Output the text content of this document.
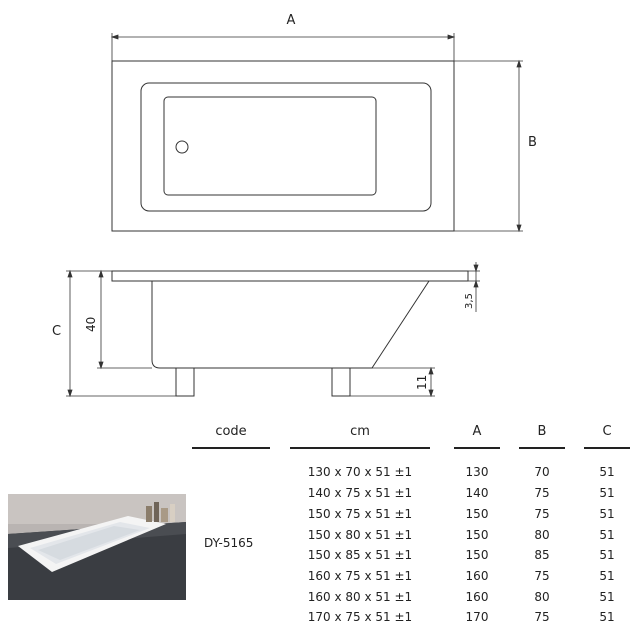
A
B
C 40
3,5
11
code	cm	A	B	C
DY-5165
130 x 70 x 51 ±1	130	70	51
140 x 75 x 51 ±1	140	75	51
150 x 75 x 51 ±1	150	75	51
150 x 80 x 51 ±1	150	80	51
150 x 85 x 51 ±1	150	85	51
160 x 75 x 51 ±1	160	75	51
160 x 80 x 51 ±1	160	80	51
170 x 75 x 51 ±1	170	75	51
